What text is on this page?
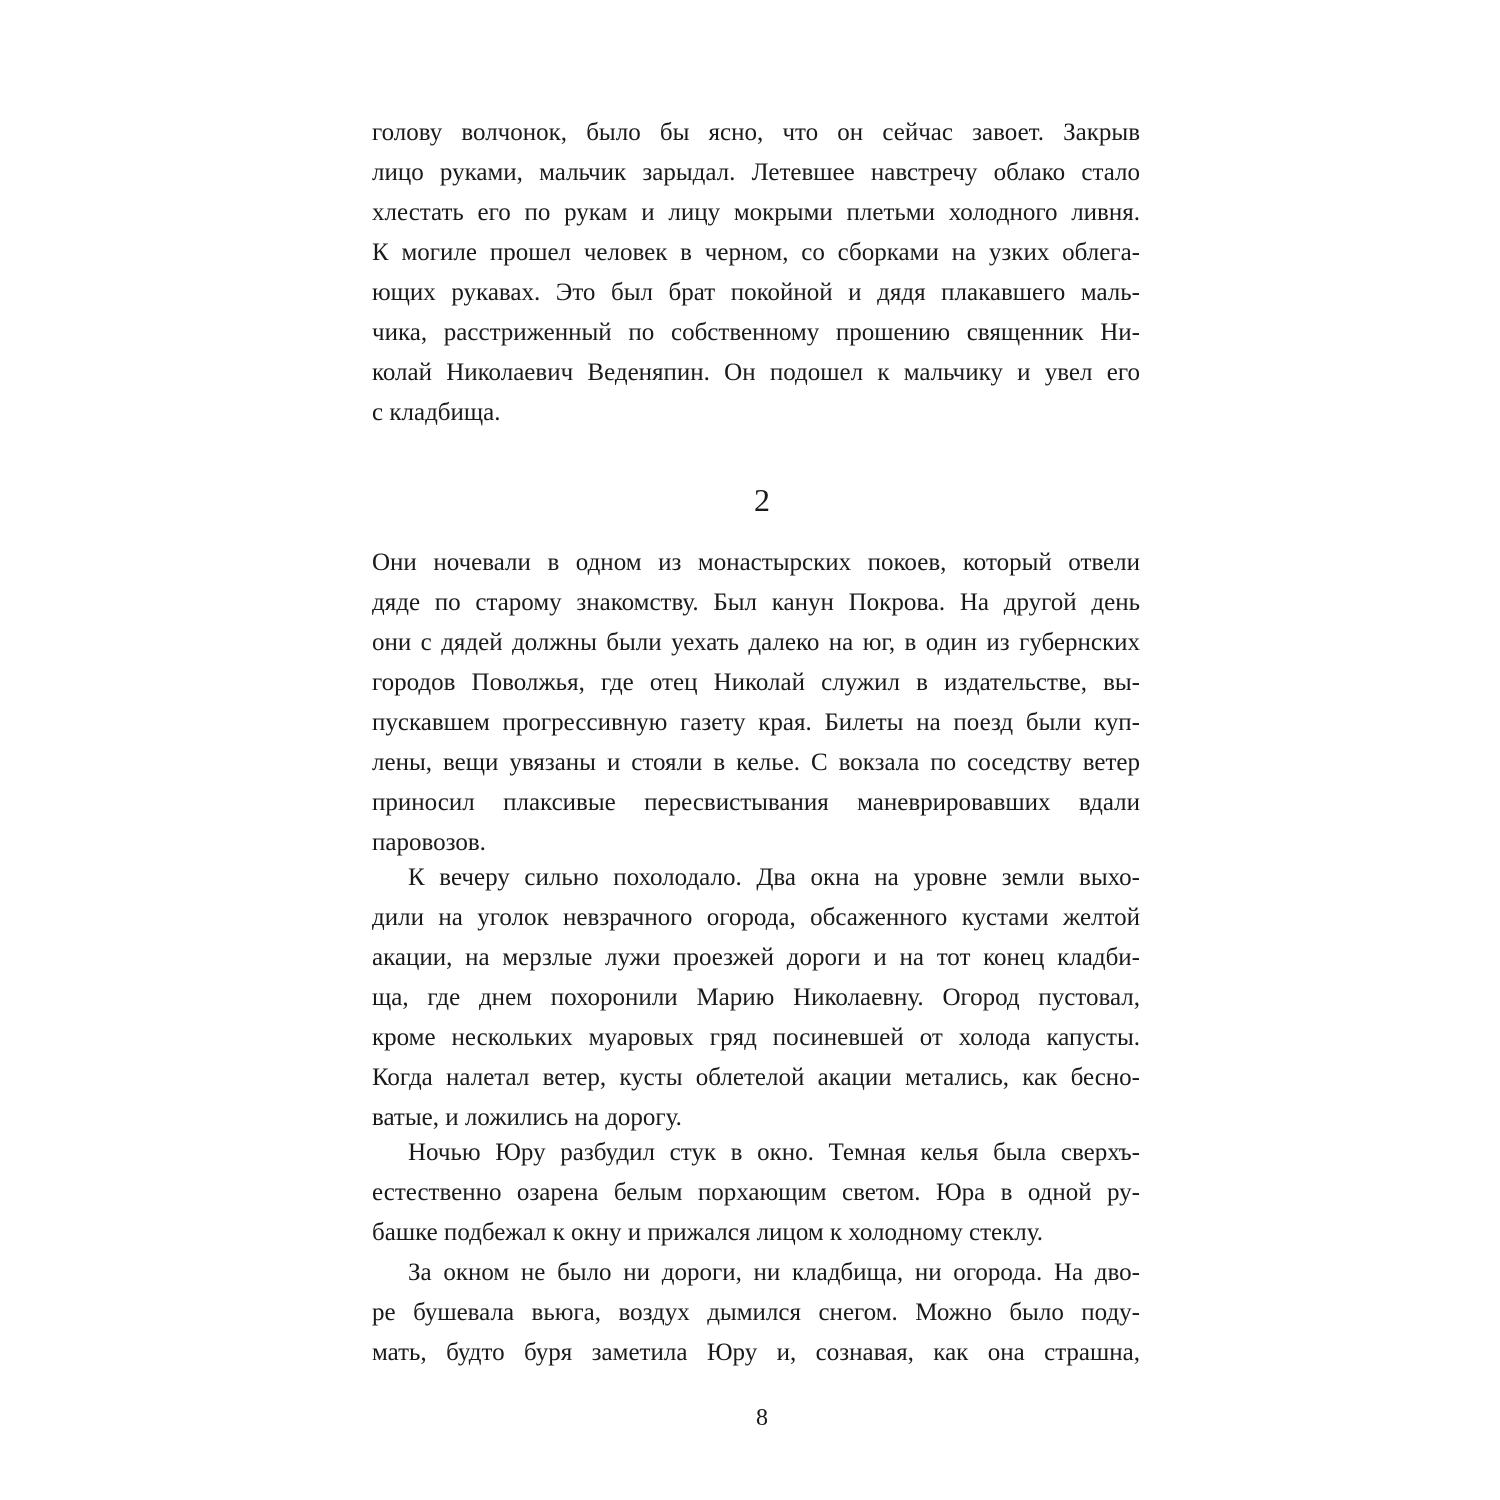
голову волчонок, было бы ясно, что он сейчас завоет. Закрыв
лицо руками, мальчик зарыдал. Летевшее навстречу облако стало
хлестать его по рукам и лицу мокрыми плетьми холодного ливня.
К могиле прошел человек в черном, со сборками на узких облега-
ющих рукавах. Это был брат покойной и дядя плакавшего маль-
чика, расстриженный по собственному прошению священник Ни-
колай Николаевич Веденяпин. Он подошел к мальчику и увел его
с кладбища.
2
Они ночевали в одном из монастырских покоев, который отвели
дяде по старому знакомству. Был канун Покрова. На другой день
они с дядей должны были уехать далеко на юг, в один из губернских
городов Поволжья, где отец Николай служил в издательстве, вы-
пускавшем прогрессивную газету края. Билеты на поезд были куп-
лены, вещи увязаны и стояли в келье. С вокзала по соседству ветер
приносил плаксивые пересвистывания маневрировавших вдали
паровозов.
К вечеру сильно похолодало. Два окна на уровне земли выхо-
дили на уголок невзрачного огорода, обсаженного кустами желтой
акации, на мерзлые лужи проезжей дороги и на тот конец кладби-
ща, где днем похоронили Марию Николаевну. Огород пустовал,
кроме нескольких муаровых гряд посиневшей от холода капусты.
Когда налетал ветер, кусты облетелой акации метались, как бесно-
ватые, и ложились на дорогу.
Ночью Юру разбудил стук в окно. Темная келья была сверхъ-
естественно озарена белым порхающим светом. Юра в одной ру-
башке подбежал к окну и прижался лицом к холодному стеклу.
За окном не было ни дороги, ни кладбища, ни огорода. На дво-
ре бушевала вьюга, воздух дымился снегом. Можно было поду-
мать, будто буря заметила Юру и, сознавая, как она страшна,
8
